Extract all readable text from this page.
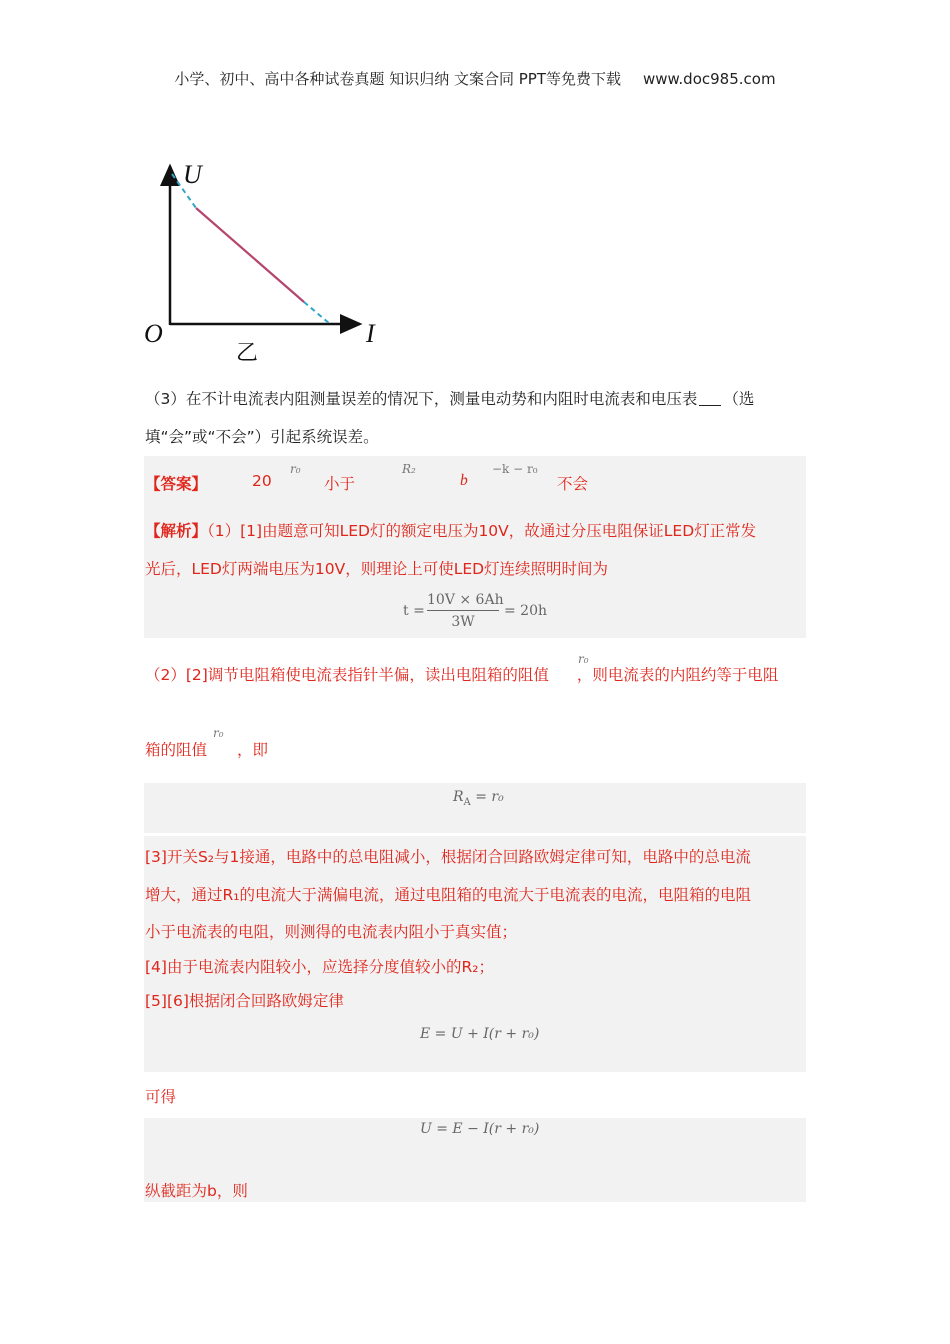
小学、初中、高中各种试卷真题 知识归纳 文案合同 PPT等免费下载 www.doc985.com
U
I
O
乙
（3）在不计电流表内阻测量误差的情况下，测量电动势和内阻时电流表和电压表 （选
填“会”或“不会”）引起系统误差。
【答案】	20
r₀
小于
R₂
b
−k − r₀
不会
【解析】（1）[1]由题意可知LED灯的额定电压为10V，故通过分压电阻保证LED灯正常发
光后，LED灯两端电压为10V，则理论上可使LED灯连续照明时间为
t =
10V × 6Ah
3W
= 20h
（2）[2]调节电阻箱使电流表指针半偏，读出电阻箱的阻值 ，则电流表的内阻约等于电阻
r₀
箱的阻值 ，即
r₀
$R_A = r_0$
[3]开关S₂与1接通，电路中的总电阻减小，根据闭合回路欧姆定律可知，电路中的总电流
增大，通过R₁的电流大于满偏电流，通过电阻箱的电流大于电流表的电流，电阻箱的电阻
小于电流表的电阻，则测得的电流表内阻小于真实值；
[4]由于电流表内阻较小，应选择分度值较小的R₂；
[5][6]根据闭合回路欧姆定律
E = U + I(r + r₀)
可得
U = E − I(r + r₀)
纵截距为b，则
